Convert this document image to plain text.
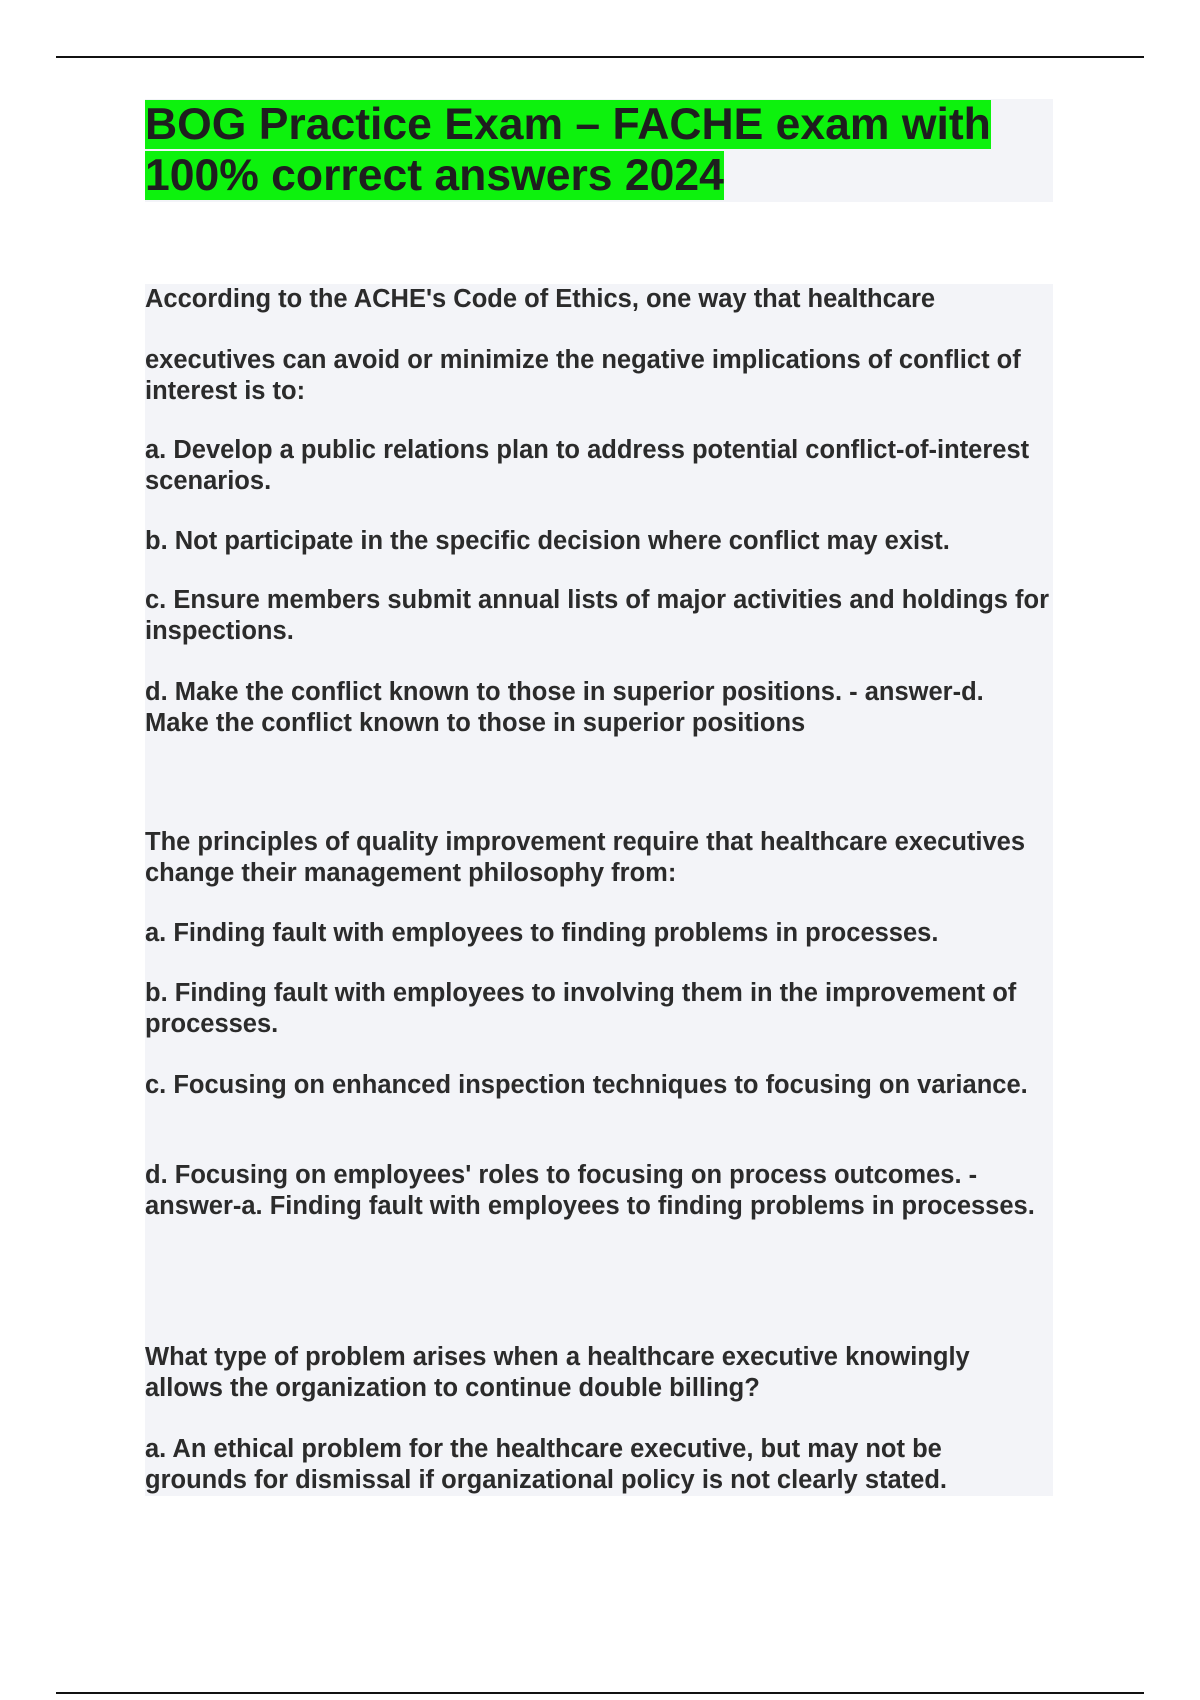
BOG Practice Exam – FACHE exam with 100% correct answers 2024

According to the ACHE's Code of Ethics, one way that healthcare

executives can avoid or minimize the negative implications of conflict of interest is to:

a. Develop a public relations plan to address potential conflict-of-interest scenarios.

b. Not participate in the specific decision where conflict may exist.

c. Ensure members submit annual lists of major activities and holdings for inspections.

d. Make the conflict known to those in superior positions. - answer-d. Make the conflict known to those in superior positions

The principles of quality improvement require that healthcare executives change their management philosophy from:

a. Finding fault with employees to finding problems in processes.

b. Finding fault with employees to involving them in the improvement of processes.

c. Focusing on enhanced inspection techniques to focusing on variance.

d. Focusing on employees' roles to focusing on process outcomes. - answer-a. Finding fault with employees to finding problems in processes.

What type of problem arises when a healthcare executive knowingly allows the organization to continue double billing?

a. An ethical problem for the healthcare executive, but may not be grounds for dismissal if organizational policy is not clearly stated.
